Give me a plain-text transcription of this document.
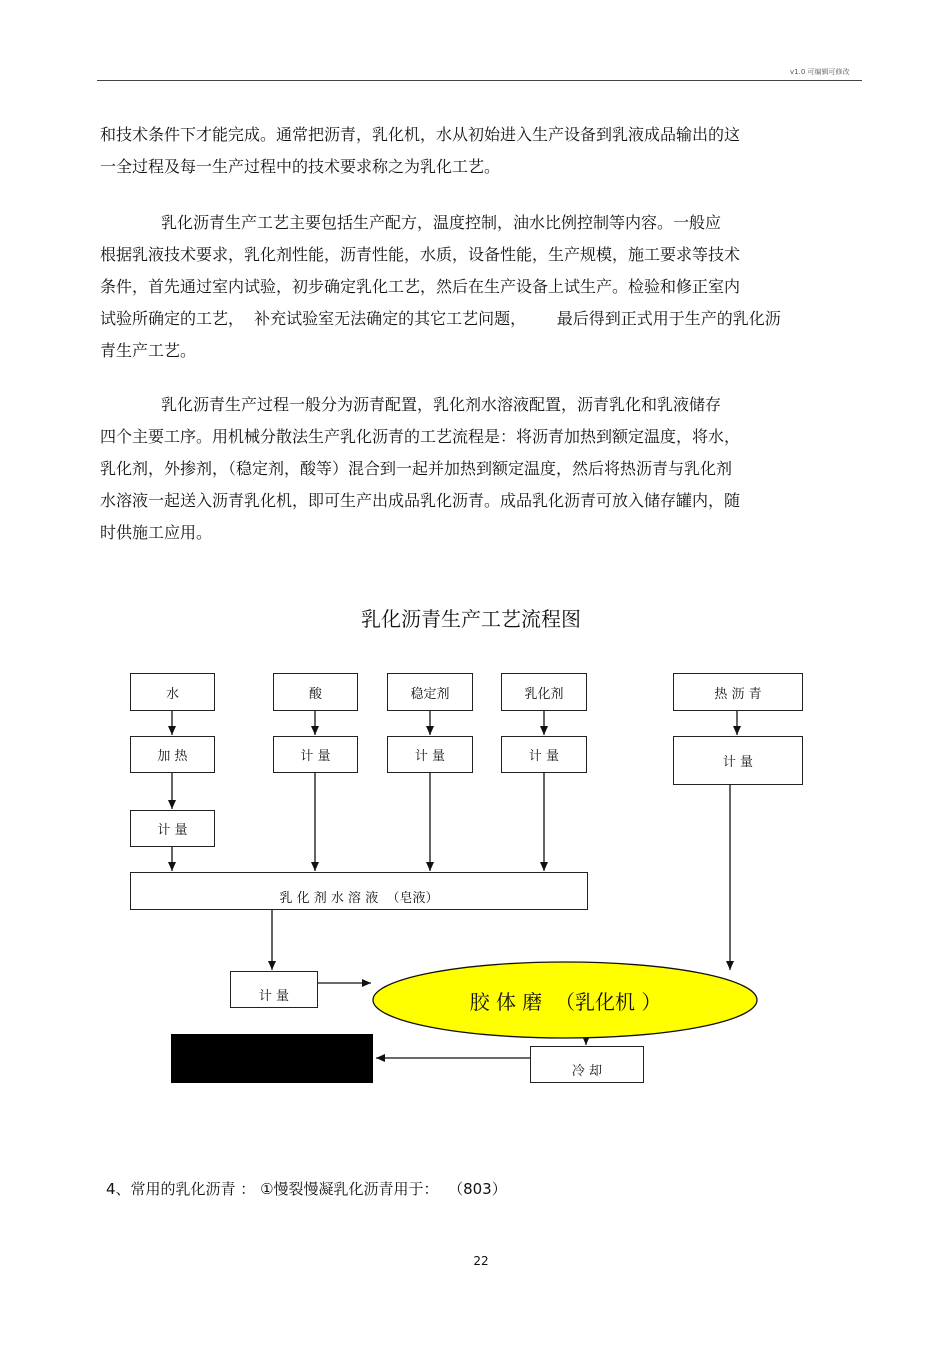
v1.0 可编辑可修改

和技术条件下才能完成。通常把沥青，乳化机，水从初始进入生产设备到乳液成品输出的这
一全过程及每一生产过程中的技术要求称之为乳化工艺。

乳化沥青生产工艺主要包括生产配方，温度控制，油水比例控制等内容。一般应
根据乳液技术要求，乳化剂性能，沥青性能，水质，设备性能，生产规模，施工要求等技术
条件，首先通过室内试验，初步确定乳化工艺，然后在生产设备上试生产。检验和修正室内
试验所确定的工艺，  补充试验室无法确定的其它工艺问题，      最后得到正式用于生产的乳化沥
青生产工艺。

乳化沥青生产过程一般分为沥青配置，乳化剂水溶液配置，沥青乳化和乳液储存
四个主要工序。用机械分散法生产乳化沥青的工艺流程是：将沥青加热到额定温度，将水，
乳化剂，外掺剂，（稳定剂，酸等）混合到一起并加热到额定温度，然后将热沥青与乳化剂
水溶液一起送入沥青乳化机，即可生产出成品乳化沥青。成品乳化沥青可放入储存罐内，随
时供施工应用。

乳化沥青生产工艺流程图
水	酸	稳定剂	乳化剂	热 沥 青
加 热	计 量	计 量	计 量	计 量
计 量
乳 化 剂 水 溶 液  （皂液）
计 量	胶 体 磨  （乳化机 ）
冷 却
4、常用的乳化沥青 ： ①慢裂慢凝乳化沥青用于：  （803）
22
